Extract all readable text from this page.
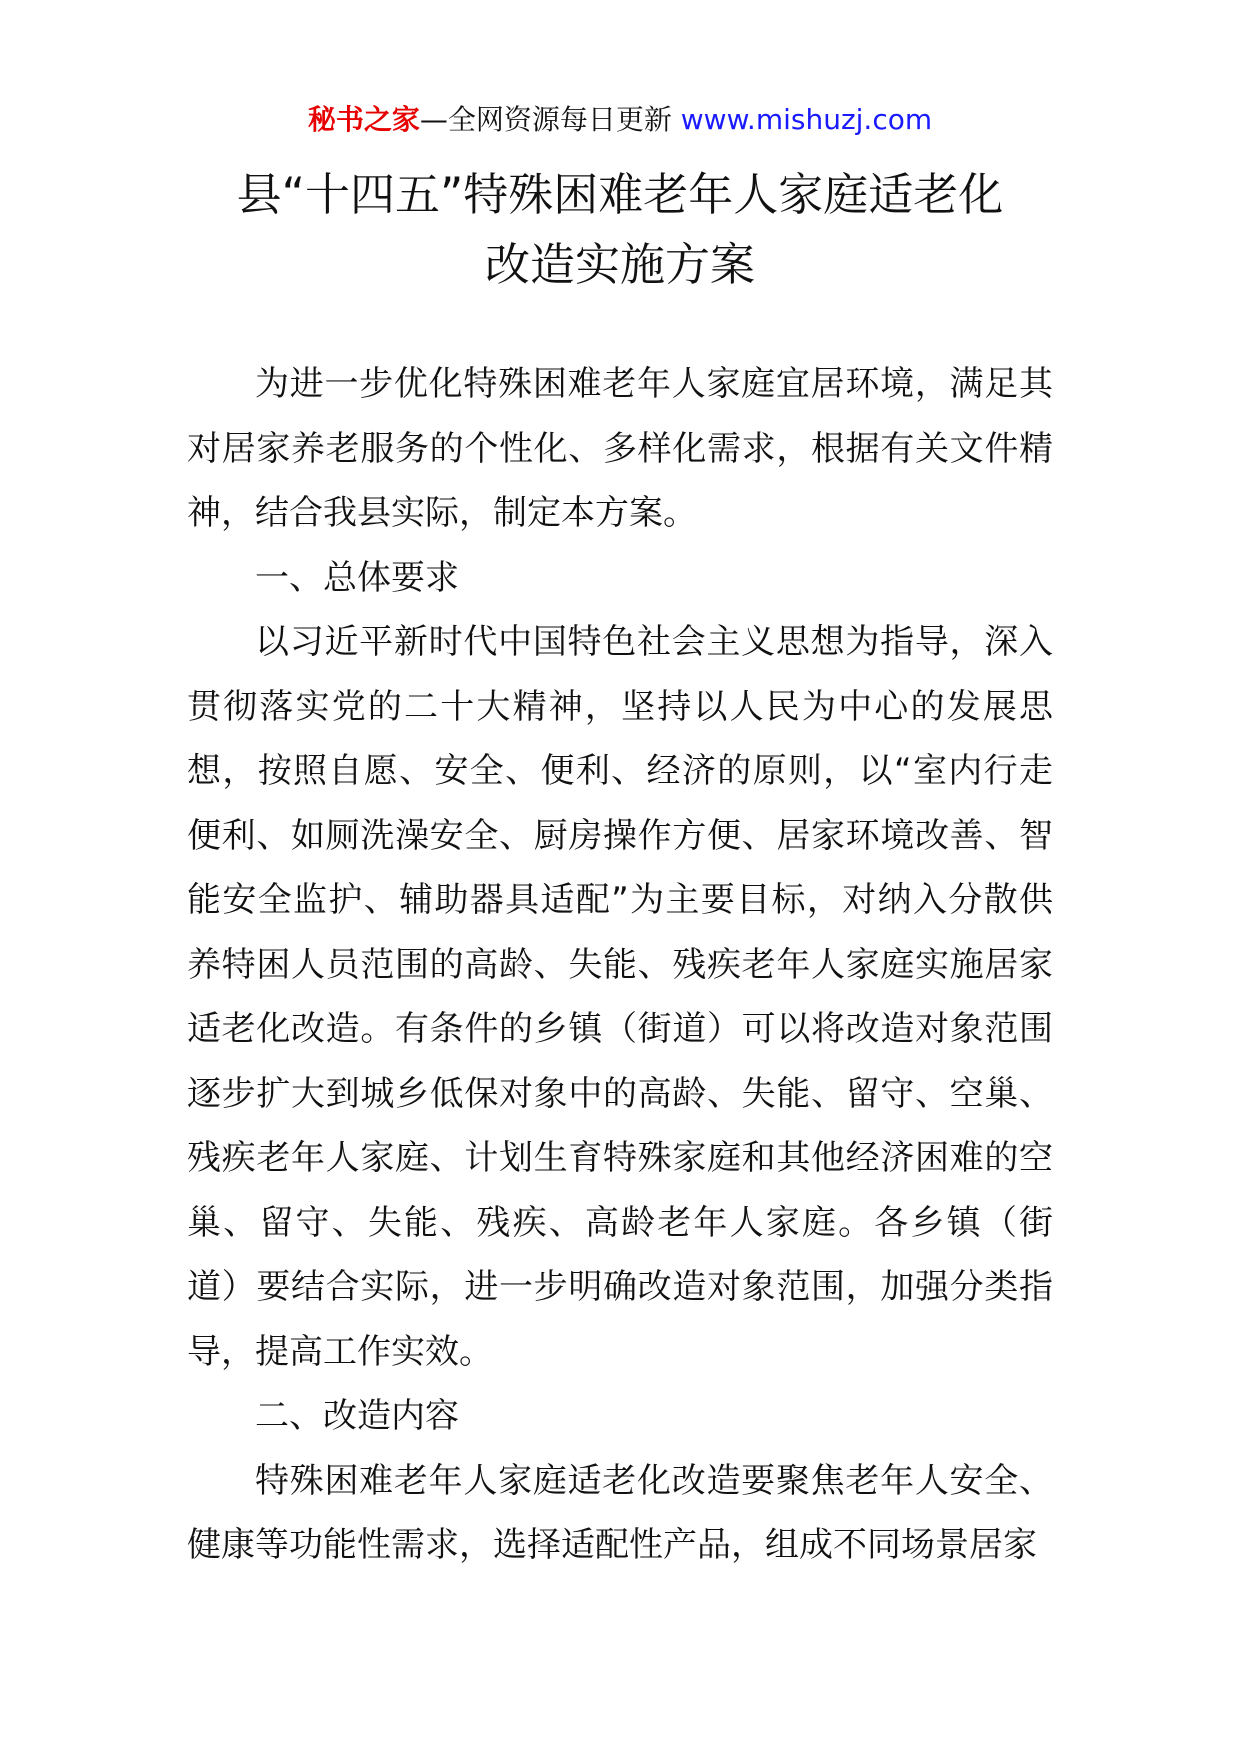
秘书之家—全网资源每日更新 www.mishuzj.com
县“十四五”特殊困难老年人家庭适老化
改造实施方案

为进一步优化特殊困难老年人家庭宜居环境，满足其对居家养老服务的个性化、多样化需求，根据有关文件精神，结合我县实际，制定本方案。

一、总体要求

以习近平新时代中国特色社会主义思想为指导，深入贯彻落实党的二十大精神，坚持以人民为中心的发展思想，按照自愿、安全、便利、经济的原则，以“室内行走便利、如厕洗澡安全、厨房操作方便、居家环境改善、智能安全监护、辅助器具适配”为主要目标，对纳入分散供养特困人员范围的高龄、失能、残疾老年人家庭实施居家适老化改造。有条件的乡镇（街道）可以将改造对象范围逐步扩大到城乡低保对象中的高龄、失能、留守、空巢、残疾老年人家庭、计划生育特殊家庭和其他经济困难的空巢、留守、失能、残疾、高龄老年人家庭。各乡镇（街道）要结合实际，进一步明确改造对象范围，加强分类指导，提高工作实效。

二、改造内容

特殊困难老年人家庭适老化改造要聚焦老年人安全、健康等功能性需求，选择适配性产品，组成不同场景居家
